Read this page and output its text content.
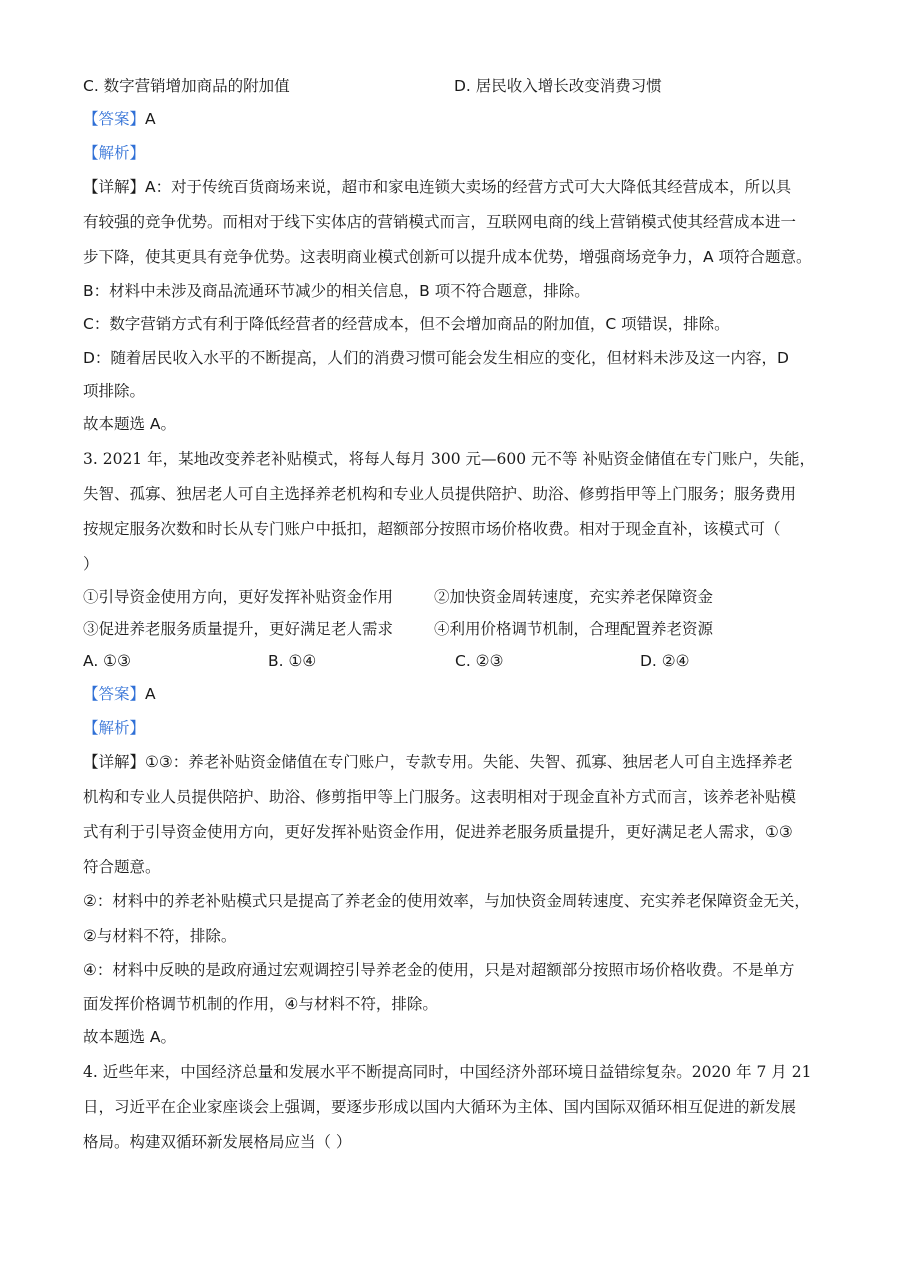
C. 数字营销增加商品的附加值	D. 居民收入增长改变消费习惯
【答案】A
【解析】
【详解】A：对于传统百货商场来说，超市和家电连锁大卖场的经营方式可大大降低其经营成本，所以具
有较强的竞争优势。而相对于线下实体店的营销模式而言，互联网电商的线上营销模式使其经营成本进一
步下降，使其更具有竞争优势。这表明商业模式创新可以提升成本优势，增强商场竞争力，A 项符合题意。
B：材料中未涉及商品流通环节减少的相关信息，B 项不符合题意，排除。
C：数字营销方式有利于降低经营者的经营成本，但不会增加商品的附加值，C 项错误，排除。
D：随着居民收入水平的不断提高，人们的消费习惯可能会发生相应的变化，但材料未涉及这一内容，D
项排除。
故本题选 A。
3. 2021 年，某地改变养老补贴模式，将每人每月 300 元—600 元不等 补贴资金储值在专门账户，失能，
失智、孤寡、独居老人可自主选择养老机构和专业人员提供陪护、助浴、修剪指甲等上门服务；服务费用
按规定服务次数和时长从专门账户中抵扣，超额部分按照市场价格收费。相对于现金直补，该模式可（
）
①引导资金使用方向，更好发挥补贴资金作用	②加快资金周转速度，充实养老保障资金
③促进养老服务质量提升，更好满足老人需求	④利用价格调节机制，合理配置养老资源
A. ①③	B. ①④	C. ②③	D. ②④
【答案】A
【解析】
【详解】①③：养老补贴资金储值在专门账户，专款专用。失能、失智、孤寡、独居老人可自主选择养老
机构和专业人员提供陪护、助浴、修剪指甲等上门服务。这表明相对于现金直补方式而言，该养老补贴模
式有利于引导资金使用方向，更好发挥补贴资金作用，促进养老服务质量提升，更好满足老人需求，①③
符合题意。
②：材料中的养老补贴模式只是提高了养老金的使用效率，与加快资金周转速度、充实养老保障资金无关，
②与材料不符，排除。
④：材料中反映的是政府通过宏观调控引导养老金的使用，只是对超额部分按照市场价格收费。不是单方
面发挥价格调节机制的作用，④与材料不符，排除。
故本题选 A。
4. 近些年来，中国经济总量和发展水平不断提高同时，中国经济外部环境日益错综复杂。2020 年 7 月 21
日，习近平在企业家座谈会上强调，要逐步形成以国内大循环为主体、国内国际双循环相互促进的新发展
格局。构建双循环新发展格局应当（ ）
